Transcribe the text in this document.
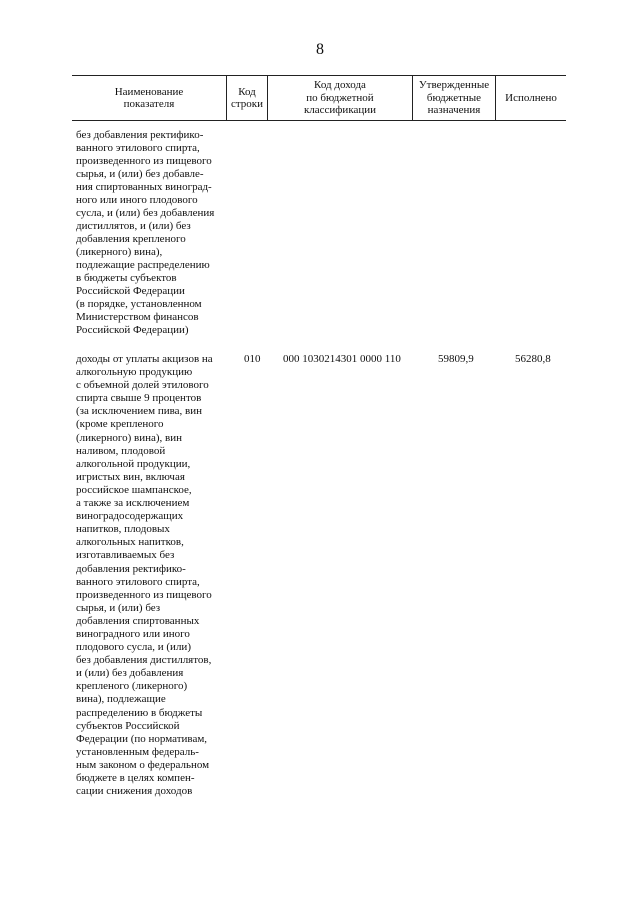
8
Наименование
показателя
Код
строки
Код дохода
по бюджетной
классификации
Утвержденные
бюджетные
назначения
Исполнено
без добавления ректифико-
ванного этилового спирта,
произведенного из пищевого
сырья, и (или) без добавле-
ния спиртованных виноград-
ного или иного плодового
сусла, и (или) без добавления
дистиллятов, и (или) без
добавления крепленого
(ликерного) вина),
подлежащие распределению
в бюджеты субъектов
Российской Федерации
(в порядке, установленном
Министерством финансов
Российской Федерации)
доходы от уплаты акцизов на
алкогольную продукцию
с объемной долей этилового
спирта свыше 9 процентов
(за исключением пива, вин
(кроме крепленого
(ликерного) вина), вин
наливом, плодовой
алкогольной продукции,
игристых вин, включая
российское шампанское,
а также за исключением
виноградосодержащих
напитков, плодовых
алкогольных напитков,
изготавливаемых без
добавления ректифико-
ванного этилового спирта,
произведенного из пищевого
сырья, и (или) без
добавления спиртованных
виноградного или иного
плодового сусла, и (или)
без добавления дистиллятов,
и (или) без добавления
крепленого (ликерного)
вина), подлежащие
распределению в бюджеты
субъектов Российской
Федерации (по нормативам,
установленным федераль-
ным законом о федеральном
бюджете в целях компен-
сации снижения доходов
010 000 1030214301 0000 110	59809,9	56280,8
